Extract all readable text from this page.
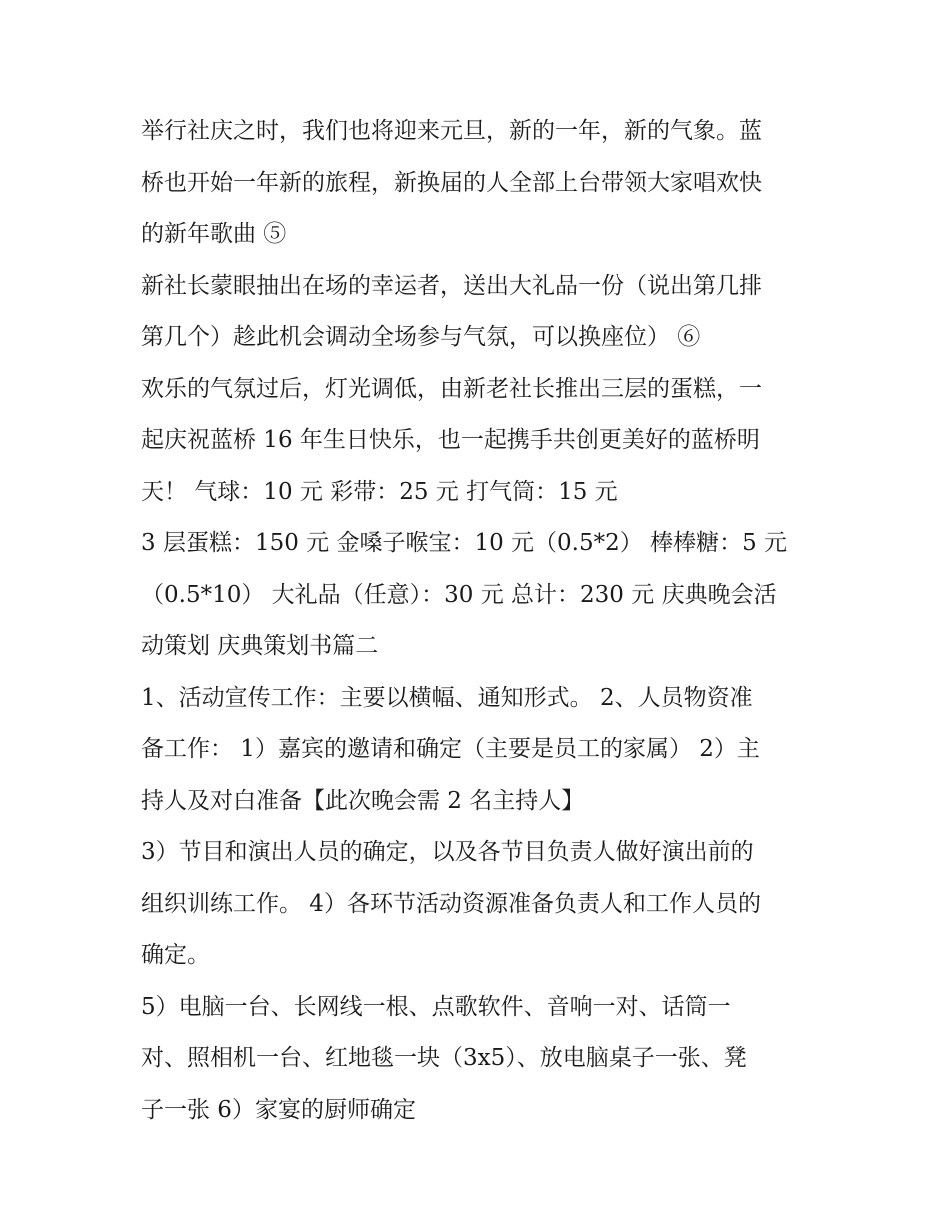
举行社庆之时，我们也将迎来元旦，新的一年，新的气象。蓝
桥也开始一年新的旅程，新换届的人全部上台带领大家唱欢快
的新年歌曲 ⑤
新社长蒙眼抽出在场的幸运者，送出大礼品一份（说出第几排
第几个）趁此机会调动全场参与气氛，可以换座位） ⑥
欢乐的气氛过后，灯光调低，由新老社长推出三层的蛋糕，一
起庆祝蓝桥 16 年生日快乐，也一起携手共创更美好的蓝桥明
天！ 气球：10 元 彩带：25 元 打气筒：15 元
3 层蛋糕：150 元 金嗓子喉宝：10 元（0.5*2） 棒棒糖：5 元
（0.5*10） 大礼品（任意）：30 元 总计：230 元 庆典晚会活
动策划 庆典策划书篇二
1、活动宣传工作：主要以横幅、通知形式。 2、人员物资准
备工作： 1）嘉宾的邀请和确定（主要是员工的家属） 2）主
持人及对白准备【此次晚会需 2 名主持人】
3）节目和演出人员的确定，以及各节目负责人做好演出前的
组织训练工作。 4）各环节活动资源准备负责人和工作人员的
确定。
5）电脑一台、长网线一根、点歌软件、音响一对、话筒一
对、照相机一台、红地毯一块（3x5）、放电脑桌子一张、凳
子一张 6）家宴的厨师确定
